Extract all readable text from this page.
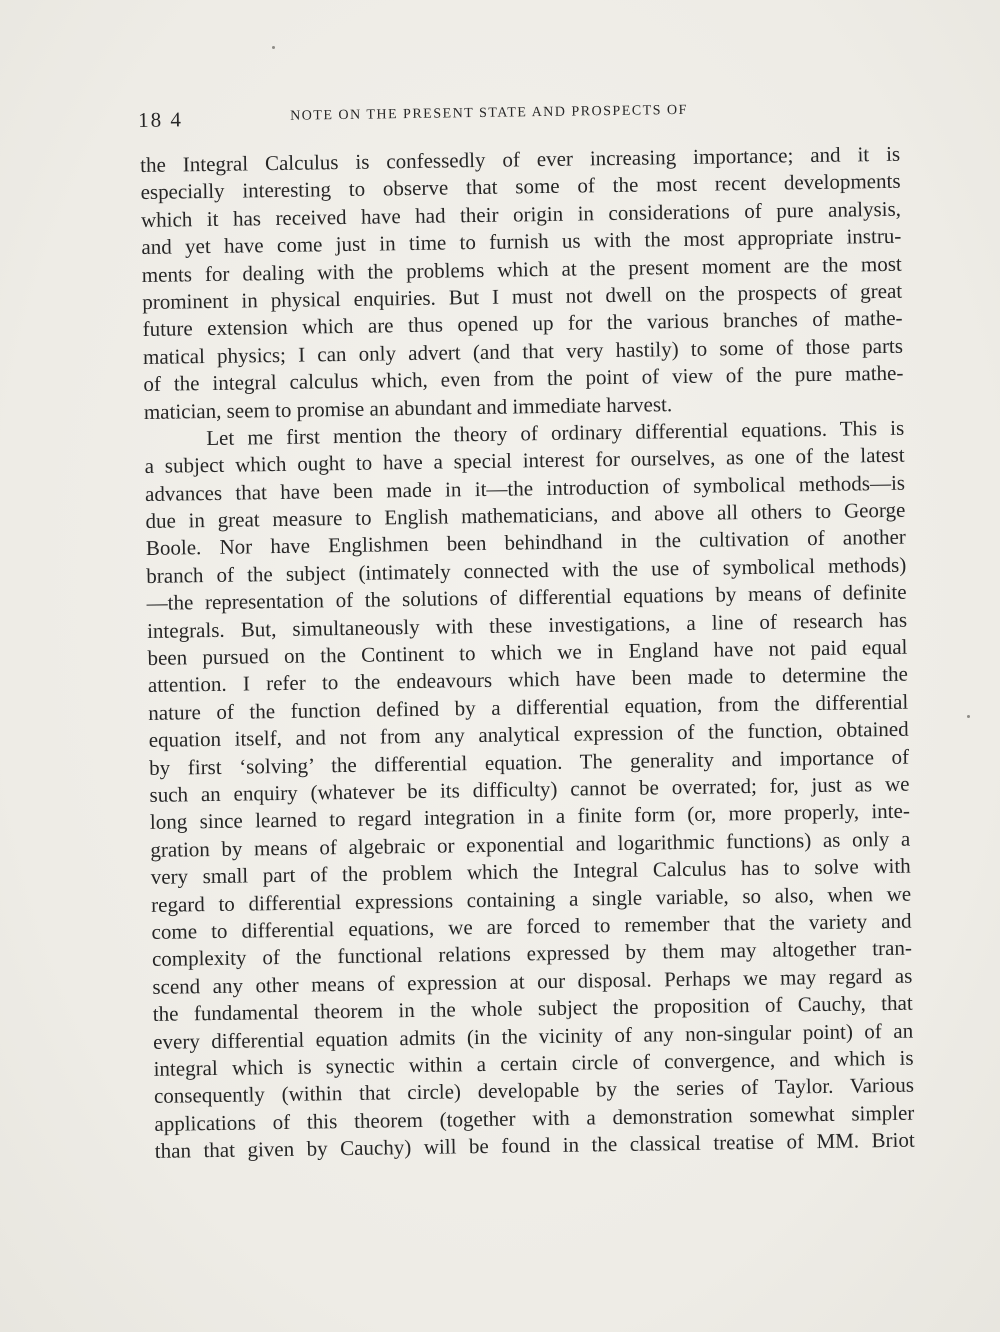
18 4	NOTE ON THE PRESENT STATE AND PROSPECTS OF
the Integral Calculus is confessedly of ever increasing importance; and it is
especially interesting to observe that some of the most recent developments
which it has received have had their origin in considerations of pure analysis,
and yet have come just in time to furnish us with the most appropriate instru-
ments for dealing with the problems which at the present moment are the most
prominent in physical enquiries. But I must not dwell on the prospects of great
future extension which are thus opened up for the various branches of mathe-
matical physics; I can only advert (and that very hastily) to some of those parts
of the integral calculus which, even from the point of view of the pure mathe-
matician, seem to promise an abundant and immediate harvest.
Let me first mention the theory of ordinary differential equations. This is
a subject which ought to have a special interest for ourselves, as one of the latest
advances that have been made in it—the introduction of symbolical methods—is
due in great measure to English mathematicians, and above all others to George
Boole. Nor have Englishmen been behindhand in the cultivation of another
branch of the subject (intimately connected with the use of symbolical methods)
—the representation of the solutions of differential equations by means of definite
integrals. But, simultaneously with these investigations, a line of research has
been pursued on the Continent to which we in England have not paid equal
attention. I refer to the endeavours which have been made to determine the
nature of the function defined by a differential equation, from the differential
equation itself, and not from any analytical expression of the function, obtained
by first ‘solving’ the differential equation. The generality and importance of
such an enquiry (whatever be its difficulty) cannot be overrated; for, just as we
long since learned to regard integration in a finite form (or, more properly, inte-
gration by means of algebraic or exponential and logarithmic functions) as only a
very small part of the problem which the Integral Calculus has to solve with
regard to differential expressions containing a single variable, so also, when we
come to differential equations, we are forced to remember that the variety and
complexity of the functional relations expressed by them may altogether tran-
scend any other means of expression at our disposal. Perhaps we may regard as
the fundamental theorem in the whole subject the proposition of Cauchy, that
every differential equation admits (in the vicinity of any non-singular point) of an
integral which is synectic within a certain circle of convergence, and which is
consequently (within that circle) developable by the series of Taylor. Various
applications of this theorem (together with a demonstration somewhat simpler
than that given by Cauchy) will be found in the classical treatise of MM. Briot
